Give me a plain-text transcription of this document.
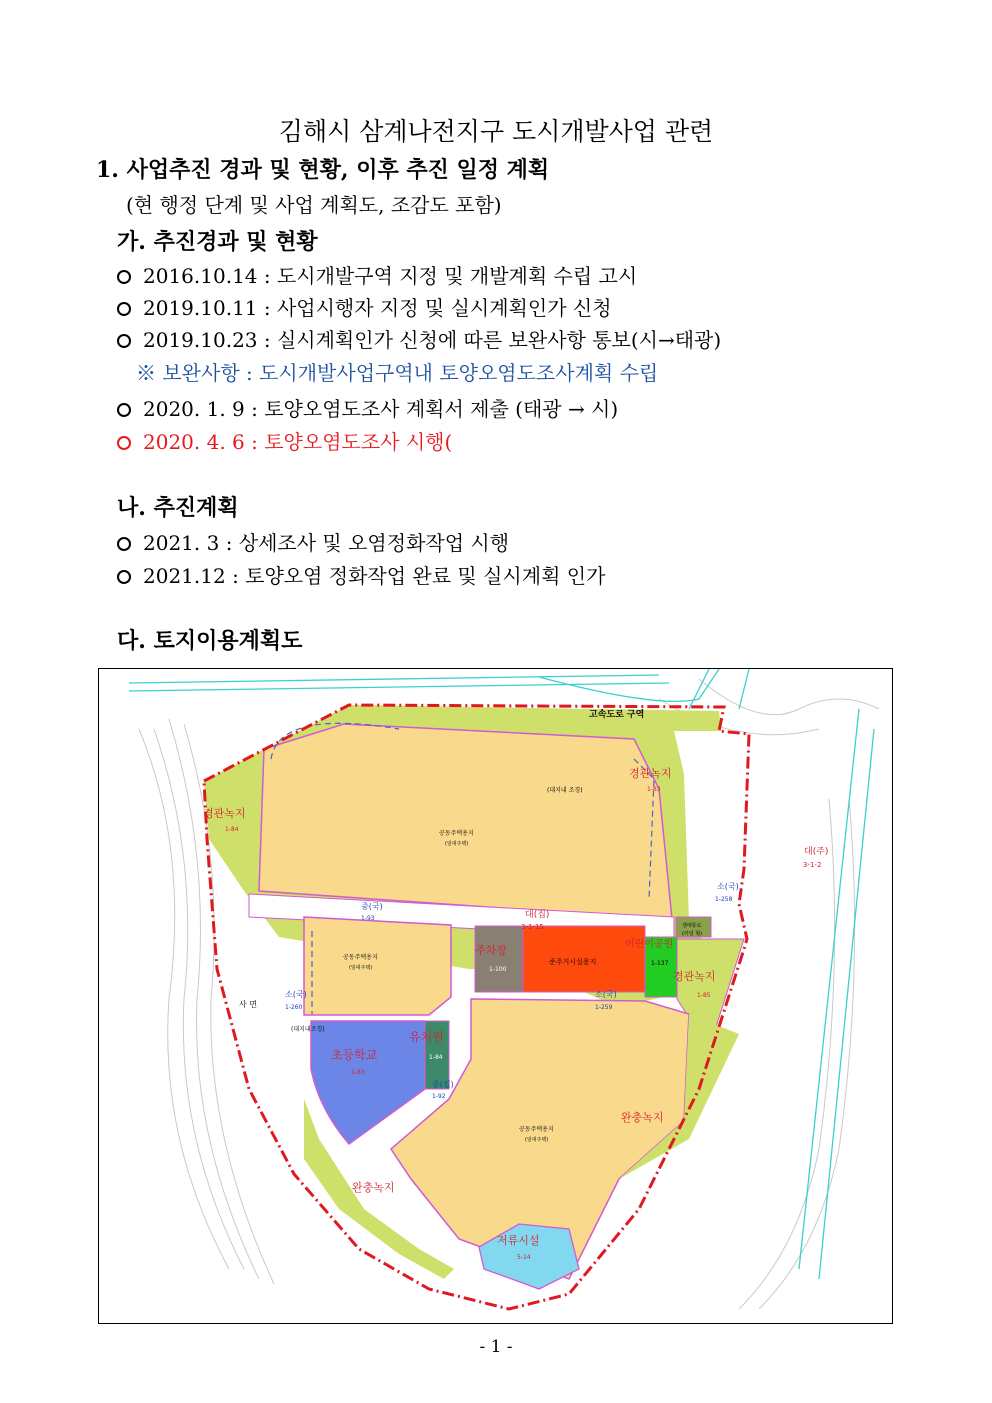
김해시 삼계나전지구 도시개발사업 관련
1. 사업추진 경과 및 현황, 이후 추진 일정 계획
(현 행정 단계 및 사업 계획도, 조감도 포함)
가. 추진경과 및 현황
2016.10.14 : 도시개발구역 지정 및 개발계획 수립 고시
2019.10.11 : 사업시행자 지정 및 실시계획인가 신청
2019.10.23 : 실시계획인가 신청에 따른 보완사항 통보(시→태광)
※ 보완사항 : 도시개발사업구역내 토양오염도조사계획 수립
2020. 1. 9 : 토양오염도조사 계획서 제출 (태광 → 시)
2020. 4. 6 : 토양오염도조사 시행(
나. 추진계획
2021. 3 : 상세조사 및 오염정화작업 시행
2021.12 : 토양오염 정화작업 완료 및 실시계획 인가
다. 토지이용계획도
고속도로 구역
경관녹지
1-83
경관녹지
1-84
(대지내 조경)
공동주택용지
(임대주택)
대(주)
3-1-2
소(국)
1-258
중(국)
1-93	대(집)
3-1-15
주차장
1-100
준주거시설용지
어린이공원
1-137
경관녹지
1-85
생태통로
(터널 형)
공동주택용지
(임대주택)
사 면
소(국)
1-260
소(국)
1-259
(대지내조경)
유치원
1-84
초등학교
1-83
중(집)
1-92
공동주택용지
(임대주택)
완충녹지
완충녹지
저류시설
5-14
- 1 -
